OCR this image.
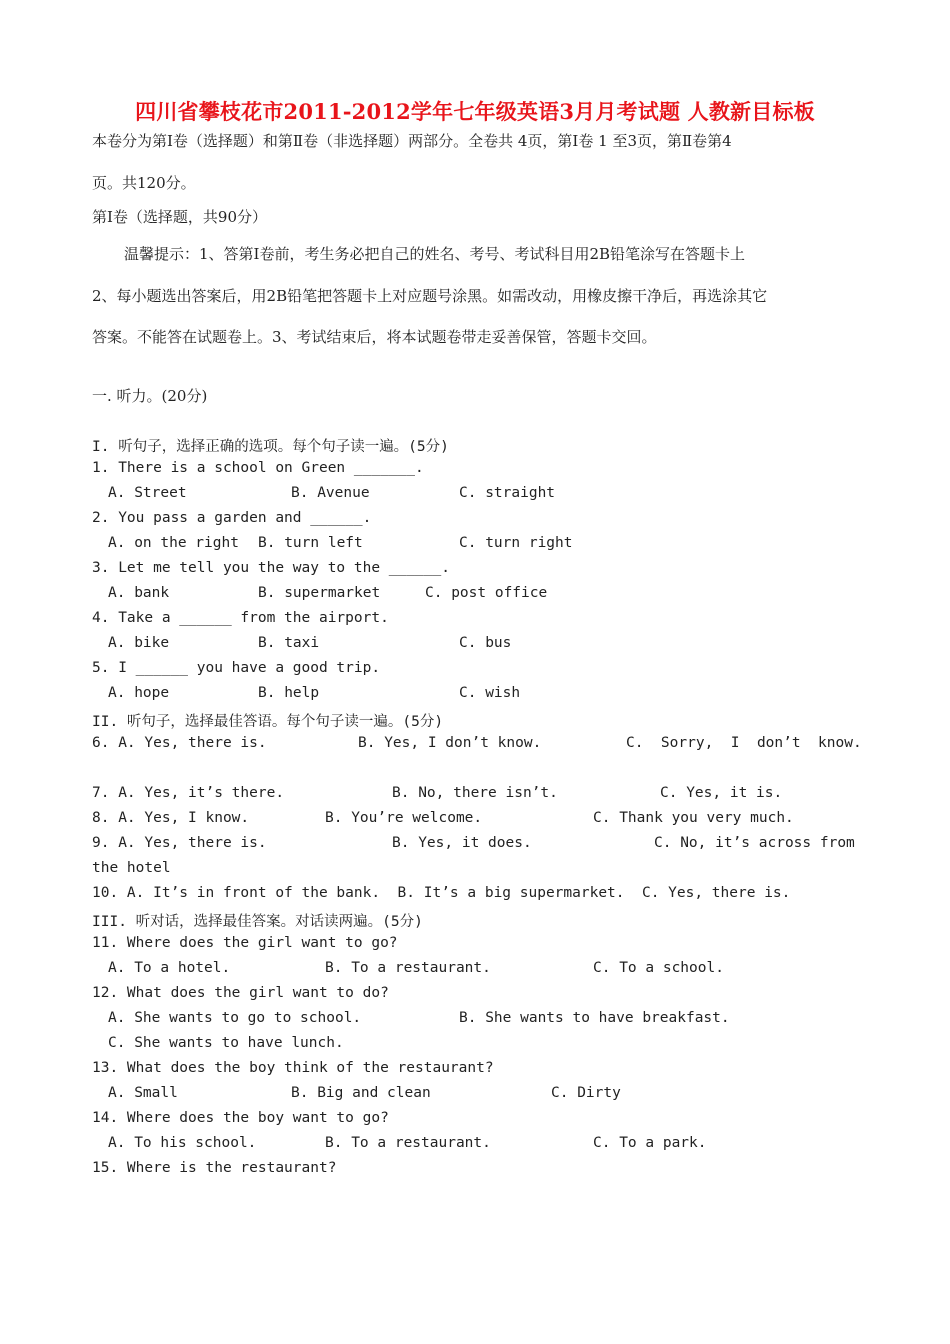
四川省攀枝花市2011-2012学年七年级英语3月月考试题 人教新目标板
本卷分为第Ⅰ卷（选择题）和第Ⅱ卷（非选择题）两部分。全卷共 4页，第Ⅰ卷 1 至3页，第Ⅱ卷第4
页。共120分。
第Ⅰ卷（选择题，共90分）
温馨提示：1、答第Ⅰ卷前，考生务必把自己的姓名、考号、考试科目用2B铅笔涂写在答题卡上
2、每小题选出答案后，用2B铅笔把答题卡上对应题号涂黑。如需改动，用橡皮擦干净后，再选涂其它
答案。不能答在试题卷上。3、考试结束后，将本试题卷带走妥善保管，答题卡交回。
一. 听力。(20分)
I. 听句子，选择正确的选项。每个句子读一遍。(5分)
1. There is a school on Green _______.
A. Street	B. Avenue	C. straight
2. You pass a garden and ______.
A. on the right B. turn left	C. turn right
3. Let me tell you the way to the ______.
A. bank	B. supermarket	C. post office
4. Take a ______ from the airport.
A. bike	B. taxi	C. bus
5. I ______ you have a good trip.
A. hope	B. help	C. wish
II. 听句子，选择最佳答语。每个句子读一遍。(5分)
6. A. Yes, there is.	B. Yes, I don’t know.	C.  Sorry,  I  don’t  know.
7. A. Yes, it’s there.	B. No, there isn’t.	C. Yes, it is.
8. A. Yes, I know.	B. You’re welcome.	C. Thank you very much.
9. A. Yes, there is.	B. Yes, it does.	C. No, it’s across from
the hotel
10. A. It’s in front of the bank.  B. It’s a big supermarket.  C. Yes, there is.
III. 听对话，选择最佳答案。对话读两遍。(5分)
11. Where does the girl want to go?
A. To a hotel.	B. To a restaurant.	C. To a school.
12. What does the girl want to do?
A. She wants to go to school.	B. She wants to have breakfast.
C. She wants to have lunch.
13. What does the boy think of the restaurant?
A. Small	B. Big and clean	C. Dirty
14. Where does the boy want to go?
A. To his school.	B. To a restaurant.	C. To a park.
15. Where is the restaurant?
